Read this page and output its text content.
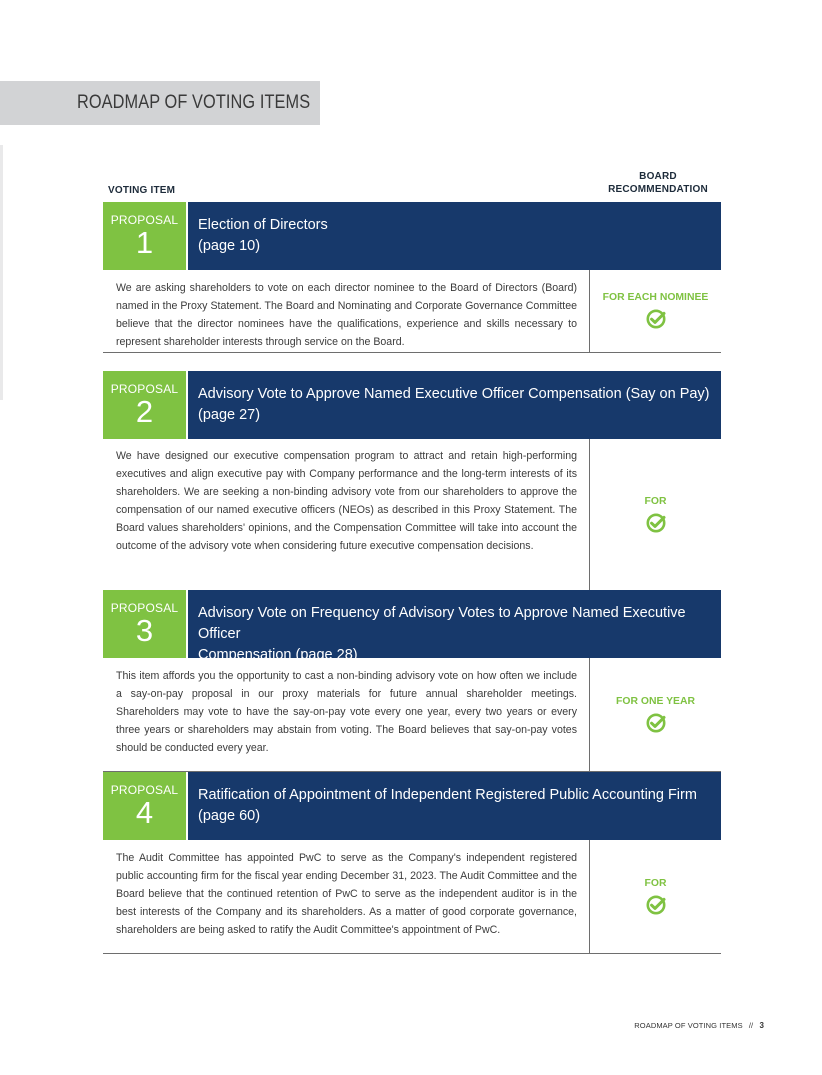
ROADMAP OF VOTING ITEMS
VOTING ITEM
BOARD
RECOMMENDATION
PROPOSAL
1	Election of Directors
(page 10)
We are asking shareholders to vote on each director nominee to the Board of Directors (Board) named in the Proxy Statement. The Board and Nominating and Corporate Governance Committee believe that the director nominees have the qualifications, experience and skills necessary to represent shareholder interests through service on the Board.
FOR EACH NOMINEE
PROPOSAL
2	Advisory Vote to Approve Named Executive Officer Compensation (Say on Pay)
(page 27)
We have designed our executive compensation program to attract and retain high-performing executives and align executive pay with Company performance and the long-term interests of its shareholders. We are seeking a non-binding advisory vote from our shareholders to approve the compensation of our named executive officers (NEOs) as described in this Proxy Statement. The Board values shareholders' opinions, and the Compensation Committee will take into account the outcome of the advisory vote when considering future executive compensation decisions.
FOR
PROPOSAL
3	Advisory Vote on Frequency of Advisory Votes to Approve Named Executive Officer
Compensation (page 28)
This item affords you the opportunity to cast a non-binding advisory vote on how often we include a say-on-pay proposal in our proxy materials for future annual shareholder meetings. Shareholders may vote to have the say-on-pay vote every one year, every two years or every three years or shareholders may abstain from voting. The Board believes that say-on-pay votes should be conducted every year.
FOR ONE YEAR
PROPOSAL
4	Ratification of Appointment of Independent Registered Public Accounting Firm
(page 60)
The Audit Committee has appointed PwC to serve as the Company's independent registered public accounting firm for the fiscal year ending December 31, 2023. The Audit Committee and the Board believe that the continued retention of PwC to serve as the independent auditor is in the best interests of the Company and its shareholders. As a matter of good corporate governance, shareholders are being asked to ratify the Audit Committee's appointment of PwC.
FOR
ROADMAP OF VOTING ITEMS // 3
